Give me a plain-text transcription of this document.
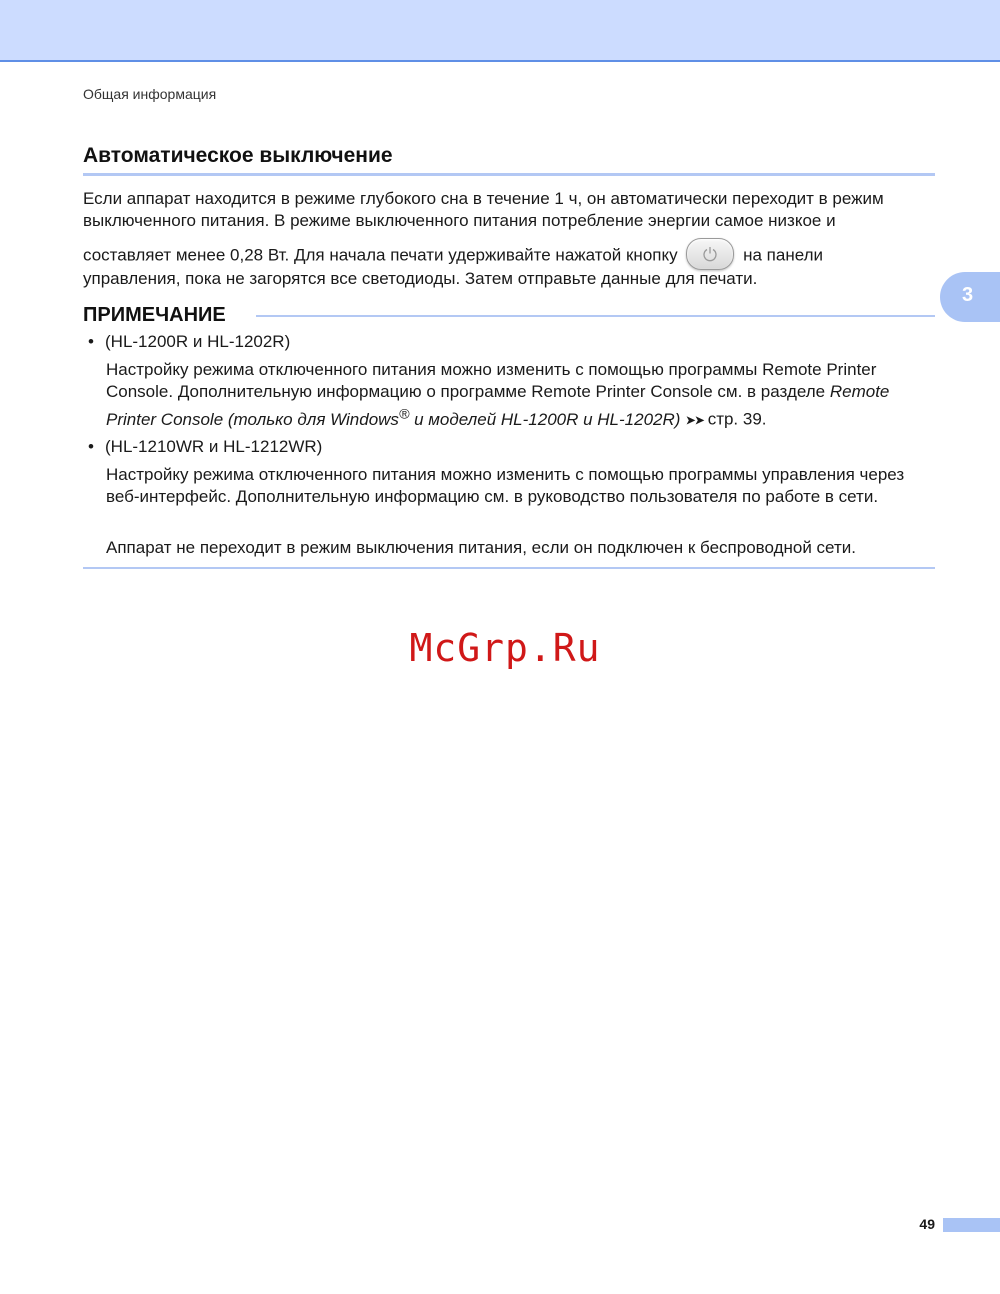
Общая информация
3
Автоматическое выключение

Если аппарат находится в режиме глубокого сна в течение 1 ч, он автоматически переходит в режим выключенного питания. В режиме выключенного питания потребление энергии самое низкое и

составляет менее 0,28 Вт. Для начала печати удерживайте нажатой кнопку	на панели

управления, пока не загорятся все светодиоды. Затем отправьте данные для печати.

ПРИМЕЧАНИЕ
• (HL-1200R и HL-1202R)

Настройку режима отключенного питания можно изменить с помощью программы Remote Printer Console. Дополнительную информацию о программе Remote Printer Console см. в разделе Remote Printer Console (только для Windows® и моделей HL-1200R и HL-1202R) ➤➤ стр. 39.

• (HL-1210WR и HL-1212WR)

Настройку режима отключенного питания можно изменить с помощью программы управления через веб-интерфейс. Дополнительную информацию см. в руководство пользователя по работе в сети.

Аппарат не переходит в режим выключения питания, если он подключен к беспроводной сети.

McGrp.Ru
49
